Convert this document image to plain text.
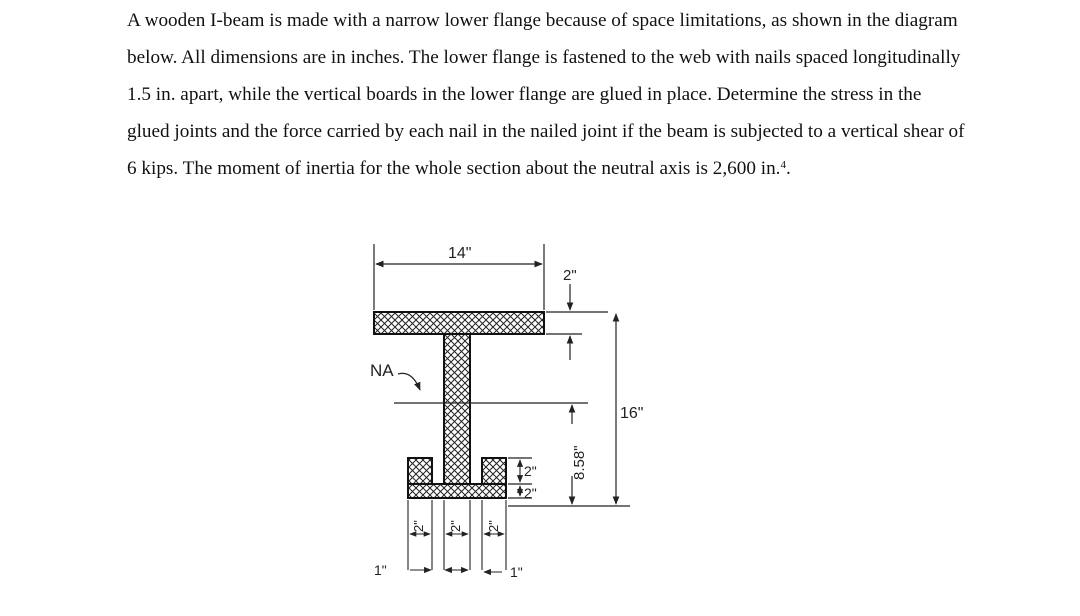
A wooden I-beam is made with a narrow lower flange because of space limitations, as shown in the diagram below. All dimensions are in inches. The lower flange is fastened to the web with nails spaced longitudinally 1.5 in. apart, while the vertical boards in the lower flange are glued in place. Determine the stress in the glued joints and the force carried by each nail in the nailed joint if the beam is subjected to a vertical shear of 6 kips. The moment of inertia for the whole section about the neutral axis is 2,600 in.$^4$.

14"
2"
16"
NA
8.58"
2"
2"
2" 2" 2"
1"	1"
